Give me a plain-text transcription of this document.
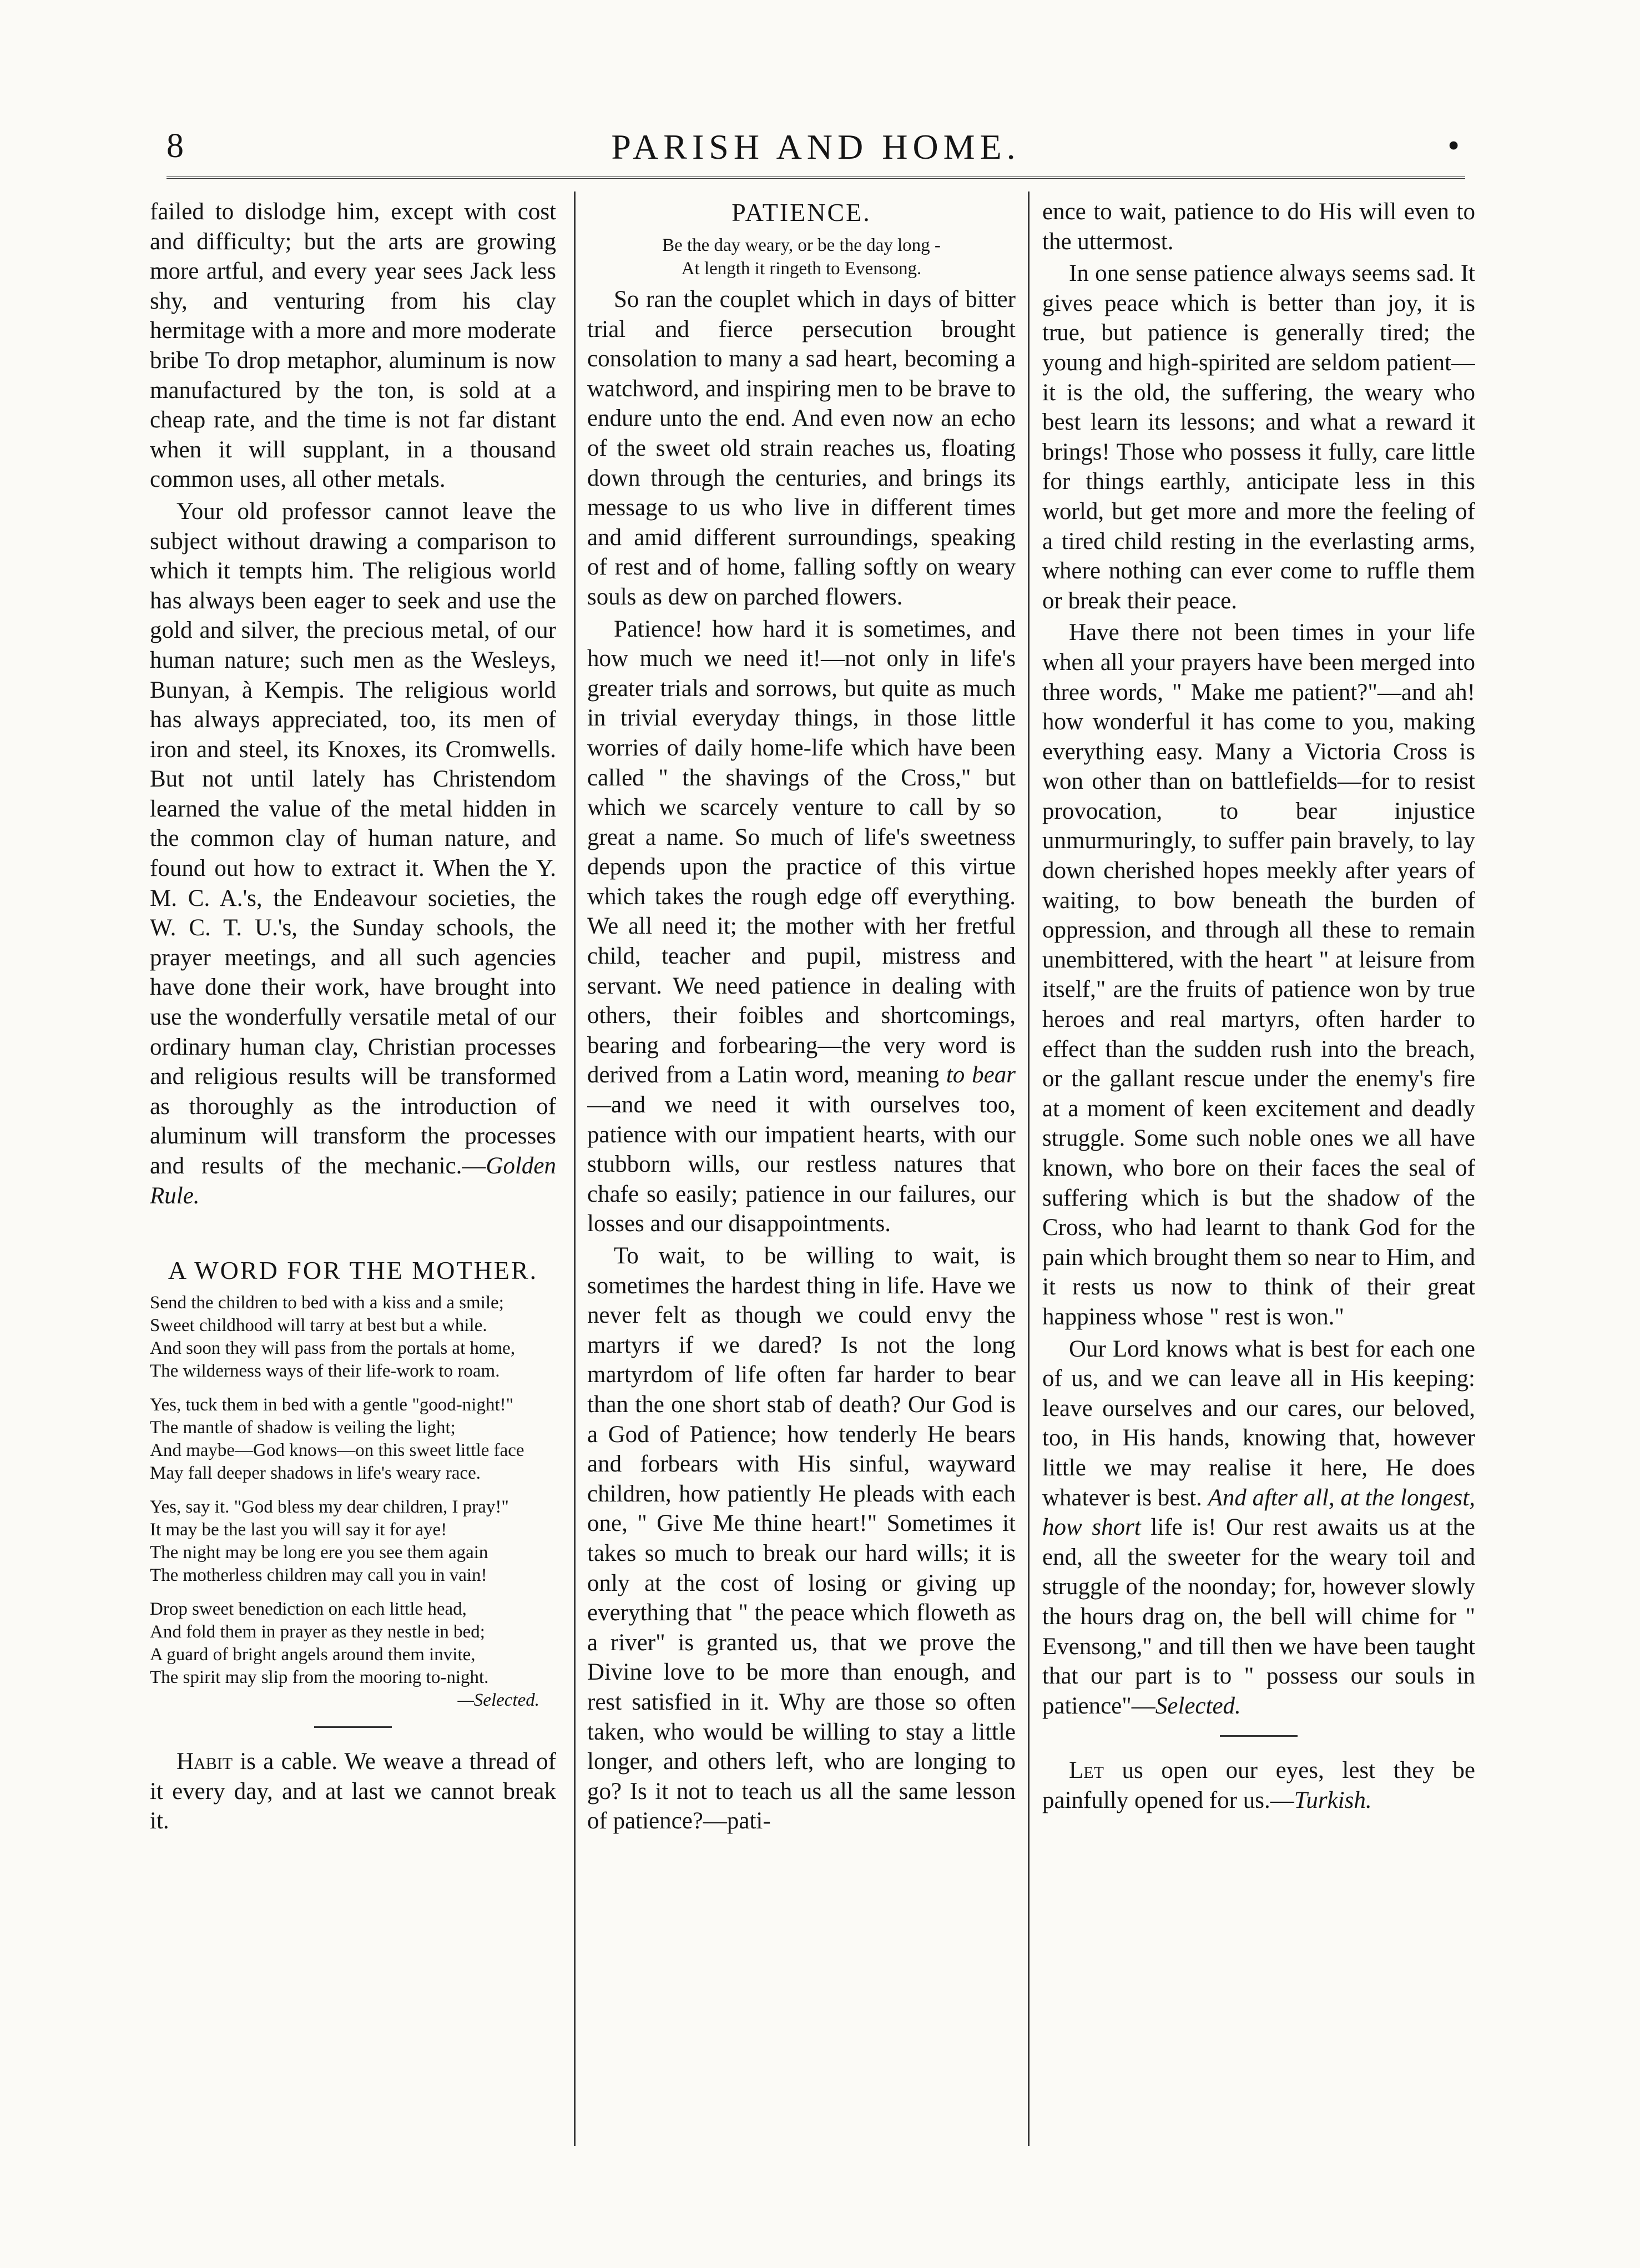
8	PARISH AND HOME.	•

failed to dislodge him, except with cost and difficulty; but the arts are growing more artful, and every year sees Jack less shy, and venturing from his clay hermitage with a more and more moderate bribe To drop metaphor, aluminum is now manufactured by the ton, is sold at a cheap rate, and the time is not far distant when it will supplant, in a thousand common uses, all other metals.

Your old professor cannot leave the subject without drawing a comparison to which it tempts him. The religious world has always been eager to seek and use the gold and silver, the precious metal, of our human nature; such men as the Wesleys, Bunyan, à Kempis. The religious world has always appreciated, too, its men of iron and steel, its Knoxes, its Cromwells. But not until lately has Christendom learned the value of the metal hidden in the common clay of human nature, and found out how to extract it. When the Y. M. C. A.'s, the Endeavour societies, the W. C. T. U.'s, the Sunday schools, the prayer meetings, and all such agencies have done their work, have brought into use the wonderfully versatile metal of our ordinary human clay, Christian processes and religious results will be transformed as thoroughly as the introduction of aluminum will transform the processes and results of the mechanic.—Golden Rule.

A WORD FOR THE MOTHER.
Send the children to bed with a kiss and a smile;
Sweet childhood will tarry at best but a while.
And soon they will pass from the portals at home,
The wilderness ways of their life-work to roam.
Yes, tuck them in bed with a gentle "good-night!"
The mantle of shadow is veiling the light;
And maybe—God knows—on this sweet little face
May fall deeper shadows in life's weary race.
Yes, say it. "God bless my dear children, I pray!"
It may be the last you will say it for aye!
The night may be long ere you see them again
The motherless children may call you in vain!
Drop sweet benediction on each little head,
And fold them in prayer as they nestle in bed;
A guard of bright angels around them invite,
The spirit may slip from the mooring to-night.
—Selected.

Habit is a cable. We weave a thread of it every day, and at last we cannot break it.

PATIENCE.
Be the day weary, or be the day long -
At length it ringeth to Evensong.

So ran the couplet which in days of bitter trial and fierce persecution brought consolation to many a sad heart, becoming a watchword, and inspiring men to be brave to endure unto the end. And even now an echo of the sweet old strain reaches us, floating down through the centuries, and brings its message to us who live in different times and amid different surroundings, speaking of rest and of home, falling softly on weary souls as dew on parched flowers.

Patience! how hard it is sometimes, and how much we need it!—not only in life's greater trials and sorrows, but quite as much in trivial everyday things, in those little worries of daily home-life which have been called " the shavings of the Cross," but which we scarcely venture to call by so great a name. So much of life's sweetness depends upon the practice of this virtue which takes the rough edge off everything. We all need it; the mother with her fretful child, teacher and pupil, mistress and servant. We need patience in dealing with others, their foibles and shortcomings, bearing and forbearing—the very word is derived from a Latin word, meaning to bear—and we need it with ourselves too, patience with our impatient hearts, with our stubborn wills, our restless natures that chafe so easily; patience in our failures, our losses and our disappointments.

To wait, to be willing to wait, is sometimes the hardest thing in life. Have we never felt as though we could envy the martyrs if we dared? Is not the long martyrdom of life often far harder to bear than the one short stab of death? Our God is a God of Patience; how tenderly He bears and forbears with His sinful, wayward children, how patiently He pleads with each one, " Give Me thine heart!" Sometimes it takes so much to break our hard wills; it is only at the cost of losing or giving up everything that " the peace which floweth as a river" is granted us, that we prove the Divine love to be more than enough, and rest satisfied in it. Why are those so often taken, who would be willing to stay a little longer, and others left, who are longing to go? Is it not to teach us all the same lesson of patience?—pati-

ence to wait, patience to do His will even to the uttermost.

In one sense patience always seems sad. It gives peace which is better than joy, it is true, but patience is generally tired; the young and high-spirited are seldom patient—it is the old, the suffering, the weary who best learn its lessons; and what a reward it brings! Those who possess it fully, care little for things earthly, anticipate less in this world, but get more and more the feeling of a tired child resting in the everlasting arms, where nothing can ever come to ruffle them or break their peace.

Have there not been times in your life when all your prayers have been merged into three words, " Make me patient?"—and ah! how wonderful it has come to you, making everything easy. Many a Victoria Cross is won other than on battlefields—for to resist provocation, to bear injustice unmurmuringly, to suffer pain bravely, to lay down cherished hopes meekly after years of waiting, to bow beneath the burden of oppression, and through all these to remain unembittered, with the heart " at leisure from itself," are the fruits of patience won by true heroes and real martyrs, often harder to effect than the sudden rush into the breach, or the gallant rescue under the enemy's fire at a moment of keen excitement and deadly struggle. Some such noble ones we all have known, who bore on their faces the seal of suffering which is but the shadow of the Cross, who had learnt to thank God for the pain which brought them so near to Him, and it rests us now to think of their great happiness whose " rest is won."

Our Lord knows what is best for each one of us, and we can leave all in His keeping: leave ourselves and our cares, our beloved, too, in His hands, knowing that, however little we may realise it here, He does whatever is best. And after all, at the longest, how short life is! Our rest awaits us at the end, all the sweeter for the weary toil and struggle of the noonday; for, however slowly the hours drag on, the bell will chime for " Evensong," and till then we have been taught that our part is to " possess our souls in patience"—Selected.

Let us open our eyes, lest they be painfully opened for us.—Turkish.
